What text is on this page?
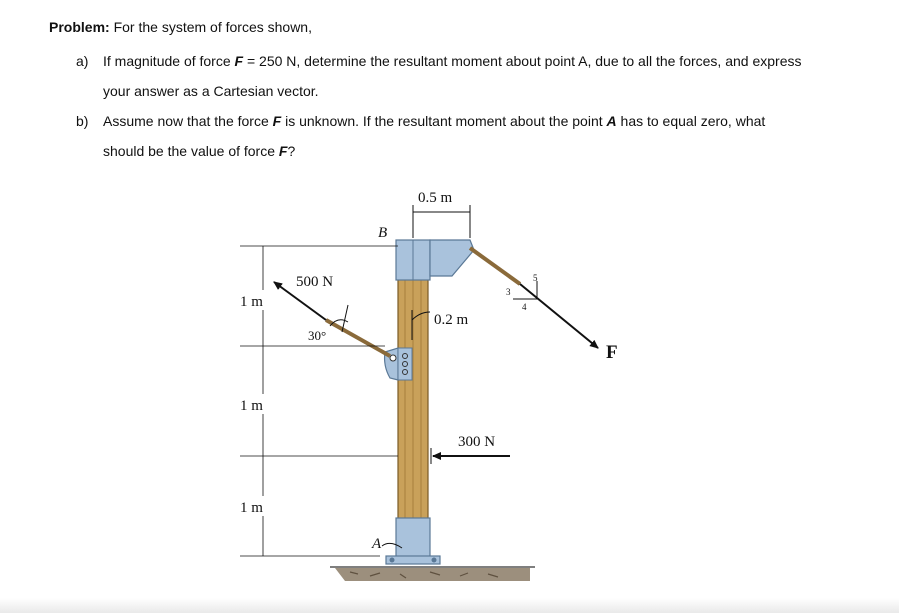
Problem: For the system of forces shown,

a) If magnitude of force F = 250 N, determine the resultant moment about point A, due to all the forces, and express
your answer as a Cartesian vector.
b) Assume now that the force F is unknown. If the resultant moment about the point A has to equal zero, what
should be the value of force F?
0.5 m
B
500 N
30°
1 m
1 m
1 m
0.2 m
300 N
F
A
3
4
5
